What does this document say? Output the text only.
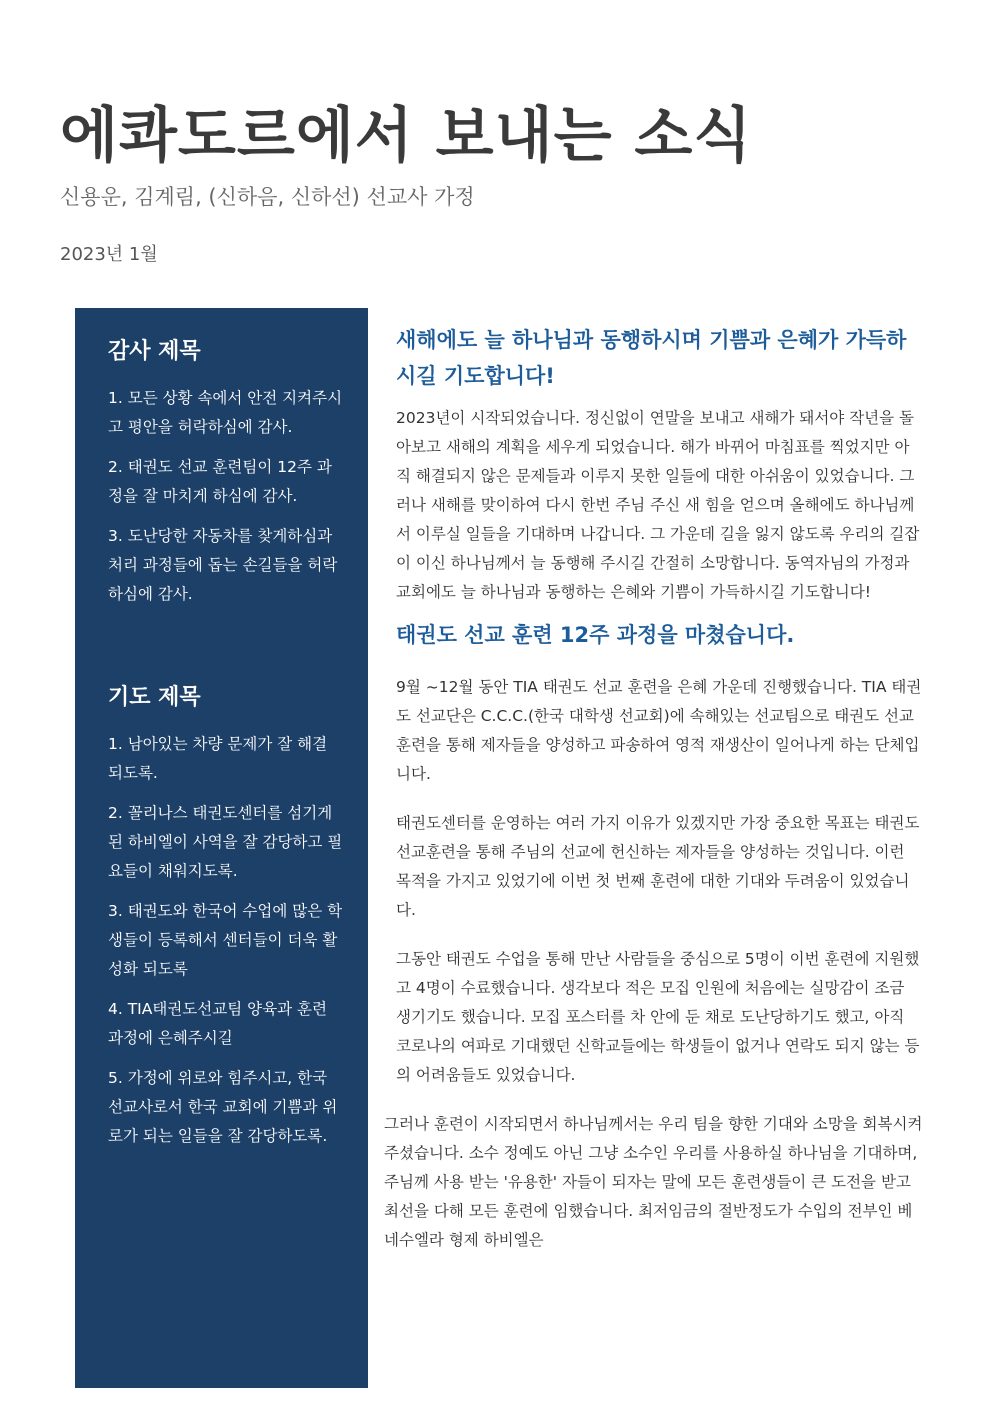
에콰도르에서 보내는 소식
신용운, 김계림, (신하음, 신하선) 선교사 가정
2023년 1월
감사 제목
1. 모든 상황 속에서 안전 지켜주시고 평안을 허락하심에 감사.
2. 태권도 선교 훈련팀이 12주 과정을 잘 마치게 하심에 감사.
3. 도난당한 자동차를 찾게하심과 처리 과정들에 돕는 손길들을 허락하심에 감사.
기도 제목
1. 남아있는 차량 문제가 잘 해결 되도록.
2. 꼴리나스 태권도센터를 섬기게된 하비엘이 사역을 잘 감당하고 필요들이 채워지도록.
3. 태권도와 한국어 수업에 많은 학생들이 등록해서 센터들이 더욱 활성화 되도록
4. TIA태권도선교팀 양육과 훈련 과정에 은혜주시길
5. 가정에 위로와 힘주시고, 한국 선교사로서 한국 교회에 기쁨과 위로가 되는 일들을 잘 감당하도록.
새해에도 늘 하나님과 동행하시며 기쁨과 은혜가 가득하시길 기도합니다!

2023년이 시작되었습니다. 정신없이 연말을 보내고 새해가 돼서야 작년을 돌아보고 새해의 계획을 세우게 되었습니다. 해가 바뀌어 마침표를 찍었지만 아직 해결되지 않은 문제들과 이루지 못한 일들에 대한 아쉬움이 있었습니다. 그러나 새해를 맞이하여 다시 한번 주님 주신 새 힘을 얻으며 올해에도 하나님께서 이루실 일들을 기대하며 나갑니다. 그 가운데 길을 잃지 않도록 우리의 길잡이 이신 하나님께서 늘 동행해 주시길 간절히 소망합니다. 동역자님의 가정과 교회에도 늘 하나님과 동행하는 은혜와 기쁨이 가득하시길 기도합니다!

태권도 선교 훈련 12주 과정을 마쳤습니다.

9월 ~12월 동안 TIA 태권도 선교 훈련을 은혜 가운데 진행했습니다. TIA 태권도 선교단은 C.C.C.(한국 대학생 선교회)에 속해있는 선교팀으로 태권도 선교훈련을 통해 제자들을 양성하고 파송하여 영적 재생산이 일어나게 하는 단체입니다.

태권도센터를 운영하는 여러 가지 이유가 있겠지만 가장 중요한 목표는 태권도 선교훈련을 통해 주님의 선교에 헌신하는 제자들을 양성하는 것입니다. 이런 목적을 가지고 있었기에 이번 첫 번째 훈련에 대한 기대와 두려움이 있었습니다.

그동안 태권도 수업을 통해 만난 사람들을 중심으로 5명이 이번 훈련에 지원했고 4명이 수료했습니다. 생각보다 적은 모집 인원에 처음에는 실망감이 조금 생기기도 했습니다. 모집 포스터를 차 안에 둔 채로 도난당하기도 했고, 아직 코로나의 여파로 기대했던 신학교들에는 학생들이 없거나 연락도 되지 않는 등의 어려움들도 있었습니다.

그러나 훈련이 시작되면서 하나님께서는 우리 팀을 향한 기대와 소망을 회복시켜주셨습니다. 소수 정예도 아닌 그냥 소수인 우리를 사용하실 하나님을 기대하며, 주님께 사용 받는 '유용한' 자들이 되자는 말에 모든 훈련생들이 큰 도전을 받고 최선을 다해 모든 훈련에 임했습니다. 최저임금의 절반정도가 수입의 전부인 베네수엘라 형제 하비엘은
